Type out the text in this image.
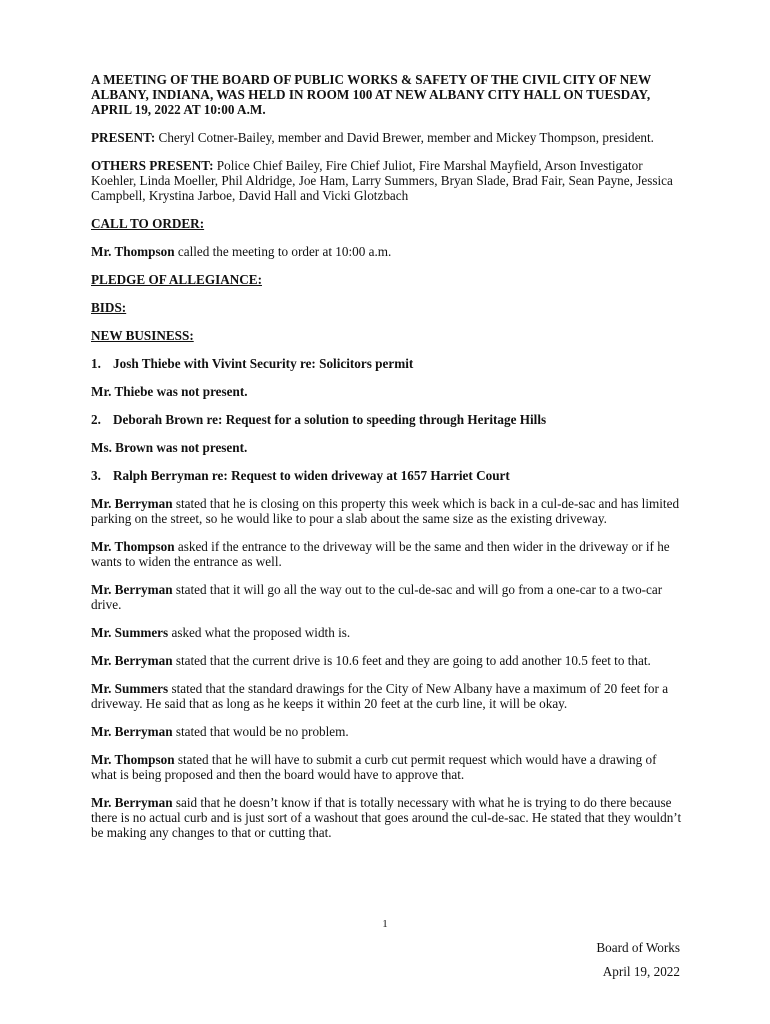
A MEETING OF THE BOARD OF PUBLIC WORKS & SAFETY OF THE CIVIL CITY OF NEW ALBANY, INDIANA, WAS HELD IN ROOM 100 AT NEW ALBANY CITY HALL ON TUESDAY, APRIL 19, 2022 AT 10:00 A.M.

PRESENT: Cheryl Cotner-Bailey, member and David Brewer, member and Mickey Thompson, president.

OTHERS PRESENT: Police Chief Bailey, Fire Chief Juliot, Fire Marshal Mayfield, Arson Investigator Koehler, Linda Moeller, Phil Aldridge, Joe Ham, Larry Summers, Bryan Slade, Brad Fair, Sean Payne, Jessica Campbell, Krystina Jarboe, David Hall and Vicki Glotzbach

CALL TO ORDER:

Mr. Thompson called the meeting to order at 10:00 a.m.

PLEDGE OF ALLEGIANCE:

BIDS:

NEW BUSINESS:

1. Josh Thiebe with Vivint Security re: Solicitors permit

Mr. Thiebe was not present.

2. Deborah Brown re: Request for a solution to speeding through Heritage Hills

Ms. Brown was not present.

3. Ralph Berryman re: Request to widen driveway at 1657 Harriet Court

Mr. Berryman stated that he is closing on this property this week which is back in a cul-de-sac and has limited parking on the street, so he would like to pour a slab about the same size as the existing driveway.

Mr. Thompson asked if the entrance to the driveway will be the same and then wider in the driveway or if he wants to widen the entrance as well.

Mr. Berryman stated that it will go all the way out to the cul-de-sac and will go from a one-car to a two-car drive.

Mr. Summers asked what the proposed width is.

Mr. Berryman stated that the current drive is 10.6 feet and they are going to add another 10.5 feet to that.

Mr. Summers stated that the standard drawings for the City of New Albany have a maximum of 20 feet for a driveway. He said that as long as he keeps it within 20 feet at the curb line, it will be okay.

Mr. Berryman stated that would be no problem.

Mr. Thompson stated that he will have to submit a curb cut permit request which would have a drawing of what is being proposed and then the board would have to approve that.

Mr. Berryman said that he doesn’t know if that is totally necessary with what he is trying to do there because there is no actual curb and is just sort of a washout that goes around the cul-de-sac. He stated that they wouldn’t be making any changes to that or cutting that.

1
Board of Works
April 19, 2022
